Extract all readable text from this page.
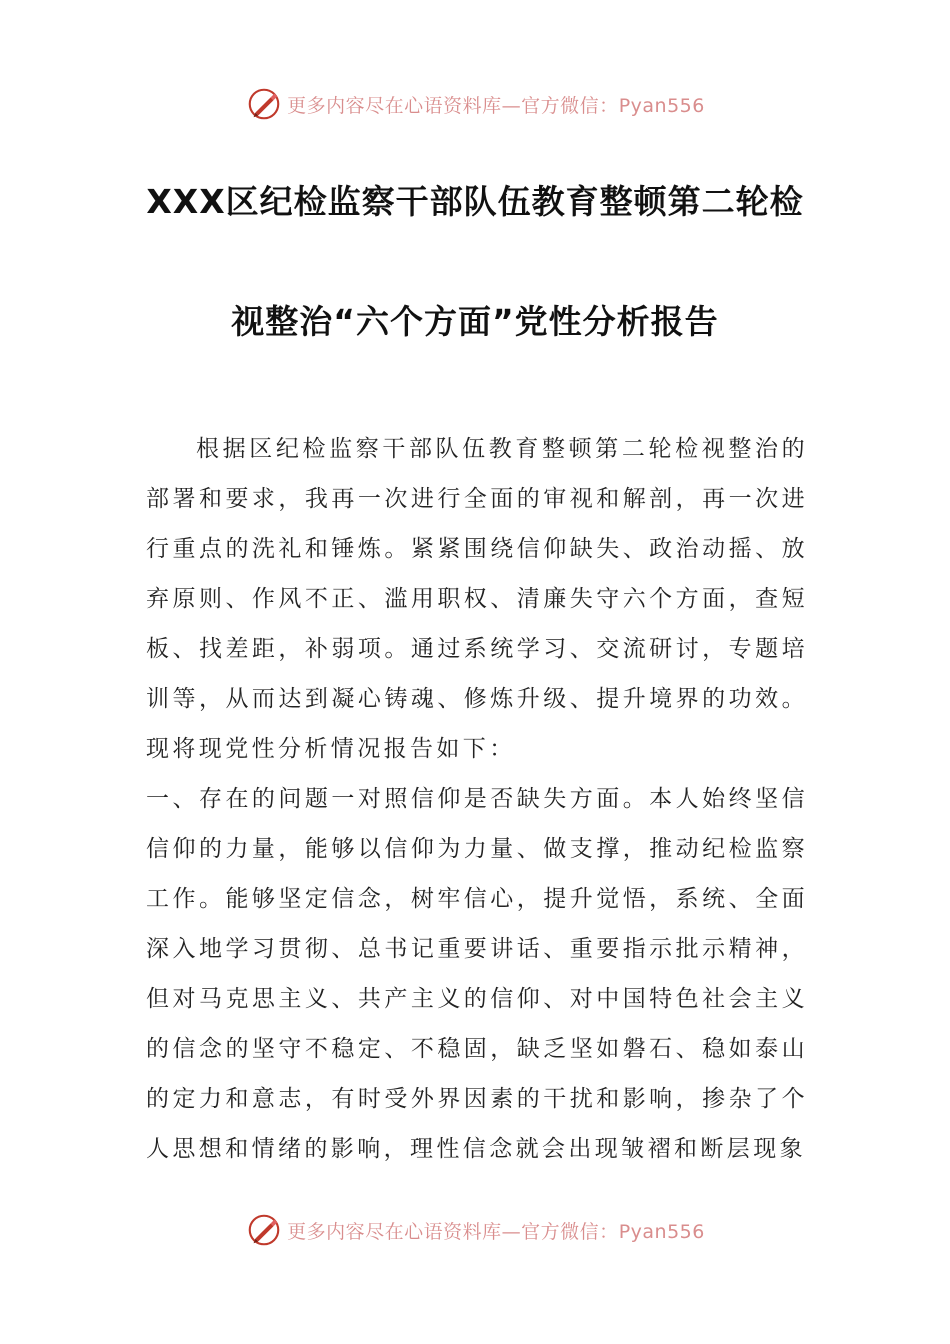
更多内容尽在心语资料库—官方微信：Pyan556
XXX区纪检监察干部队伍教育整顿第二轮检
视整治“六个方面”党性分析报告

根据区纪检监察干部队伍教育整顿第二轮检视整治的部署和要求，我再一次进行全面的审视和解剖，再一次进行重点的洗礼和锤炼。紧紧围绕信仰缺失、政治动摇、放弃原则、作风不正、滥用职权、清廉失守六个方面，查短板、找差距，补弱项。通过系统学习、交流研讨，专题培训等，从而达到凝心铸魂、修炼升级、提升境界的功效。现将现党性分析情况报告如下：

一、存在的问题一对照信仰是否缺失方面。本人始终坚信信仰的力量，能够以信仰为力量、做支撑，推动纪检监察工作。能够坚定信念，树牢信心，提升觉悟，系统、全面深入地学习贯彻、总书记重要讲话、重要指示批示精神，但对马克思主义、共产主义的信仰、对中国特色社会主义的信念的坚守不稳定、不稳固，缺乏坚如磐石、稳如泰山的定力和意志，有时受外界因素的干扰和影响，掺杂了个人思想和情绪的影响，理性信念就会出现皱褶和断层现象

更多内容尽在心语资料库—官方微信：Pyan556
